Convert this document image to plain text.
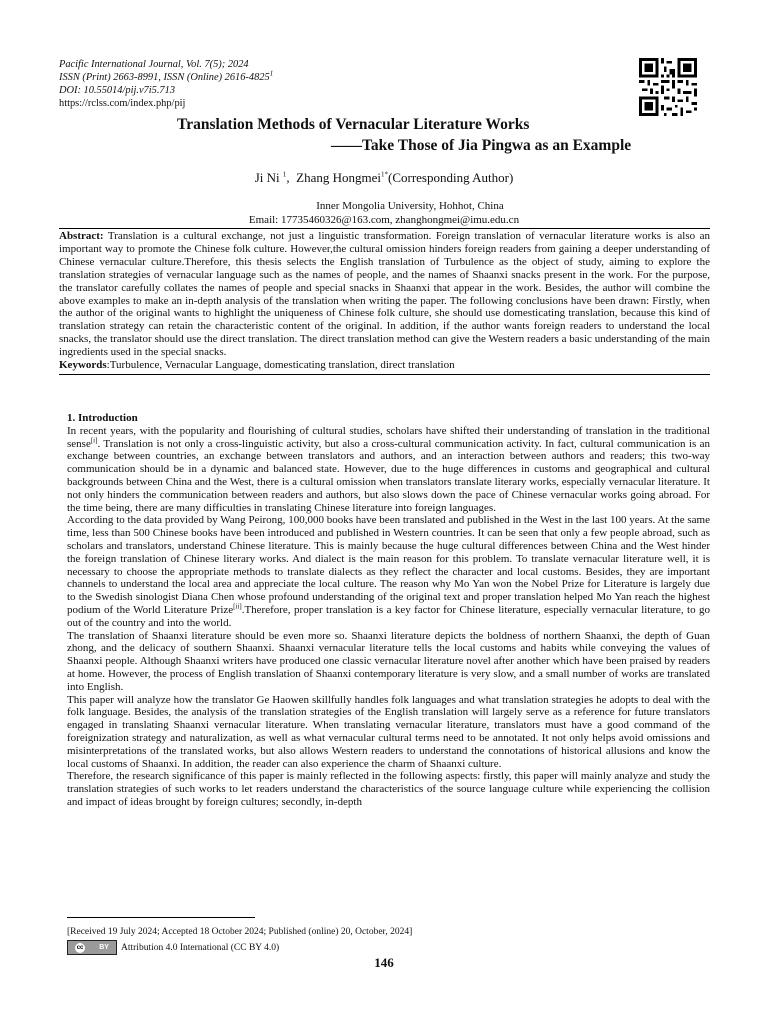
Pacific International Journal, Vol. 7(5); 2024
ISSN (Print) 2663-8991, ISSN (Online) 2616-4825$^1$
DOI: 10.55014/pij.v7i5.713
https://rclss.com/index.php/pij
Translation Methods of Vernacular Literature Works
——Take Those of Jia Pingwa as an Example
Ji Ni $^1$, Zhang Hongmei$^{1*}$(Corresponding Author)
Inner Mongolia University, Hohhot, China
Email: 17735460326@163.com, zhanghongmei@imu.edu.cn
Abstract: Translation is a cultural exchange, not just a linguistic transformation. Foreign translation of vernacular literature works is also an important way to promote the Chinese folk culture. However,the cultural omission hinders foreign readers from gaining a deeper understanding of Chinese vernacular culture.Therefore, this thesis selects the English translation of Turbulence as the object of study, aiming to explore the translation strategies of vernacular language such as the names of people, and the names of Shaanxi snacks present in the work. For the purpose, the translator carefully collates the names of people and special snacks in Shaanxi that appear in the work. Besides, the author will combine the above examples to make an in-depth analysis of the translation when writing the paper. The following conclusions have been drawn: Firstly, when the author of the original wants to highlight the uniqueness of Chinese folk culture, she should use domesticating translation, because this kind of translation strategy can retain the characteristic content of the original. In addition, if the author wants foreign readers to understand the local snacks, the translator should use the direct translation. The direct translation method can give the Western readers a basic understanding of the main ingredients used in the special snacks.
Keywords:Turbulence, Vernacular Language, domesticating translation, direct translation
1. Introduction

In recent years, with the popularity and flourishing of cultural studies, scholars have shifted their understanding of translation in the traditional sense[i]. Translation is not only a cross-linguistic activity, but also a cross-cultural communication activity. In fact, cultural communication is an exchange between countries, an exchange between translators and authors, and an interaction between authors and readers; this two-way communication should be in a dynamic and balanced state. However, due to the huge differences in customs and geographical and cultural backgrounds between China and the West, there is a cultural omission when translators translate literary works, especially vernacular literature. It not only hinders the communication between readers and authors, but also slows down the pace of Chinese vernacular works going abroad. For the time being, there are many difficulties in translating Chinese literature into foreign languages.

According to the data provided by Wang Peirong, 100,000 books have been translated and published in the West in the last 100 years. At the same time, less than 500 Chinese books have been introduced and published in Western countries. It can be seen that only a few people abroad, such as scholars and translators, understand Chinese literature. This is mainly because the huge cultural differences between China and the West hinder the foreign translation of Chinese literary works. And dialect is the main reason for this problem. To translate vernacular literature well, it is necessary to choose the appropriate methods to translate dialects as they reflect the character and local customs. Besides, they are important channels to understand the local area and appreciate the local culture. The reason why Mo Yan won the Nobel Prize for Literature is largely due to the Swedish sinologist Diana Chen whose profound understanding of the original text and proper translation helped Mo Yan reach the highest podium of the World Literature Prize[ii].Therefore, proper translation is a key factor for Chinese literature, especially vernacular literature, to go out of the country and into the world.

The translation of Shaanxi literature should be even more so. Shaanxi literature depicts the boldness of northern Shaanxi, the depth of Guan zhong, and the delicacy of southern Shaanxi. Shaanxi vernacular literature tells the local customs and habits while conveying the values of Shaanxi people. Although Shaanxi writers have produced one classic vernacular literature novel after another which have been praised by readers at home. However, the process of English translation of Shaanxi contemporary literature is very slow, and a small number of works are translated into English.

This paper will analyze how the translator Ge Haowen skillfully handles folk languages and what translation strategies he adopts to deal with the folk language. Besides, the analysis of the translation strategies of the English translation will largely serve as a reference for future translators engaged in translating Shaanxi vernacular literature. When translating vernacular literature, translators must have a good command of the foreignization strategy and naturalization, as well as what vernacular cultural terms need to be annotated. It not only helps avoid omissions and misinterpretations of the translated works, but also allows Western readers to understand the connotations of historical allusions and know the local customs of Shaanxi. In addition, the reader can also experience the charm of Shaanxi culture.

Therefore, the research significance of this paper is mainly reflected in the following aspects: firstly, this paper will mainly analyze and study the translation strategies of such works to let readers understand the characteristics of the source language culture while experiencing the collision and impact of ideas brought by foreign cultures; secondly, in-depth

[Received 19 July 2024; Accepted 18 October 2024; Published (online) 20, October, 2024]
cc BY Attribution 4.0 International (CC BY 4.0)
146
